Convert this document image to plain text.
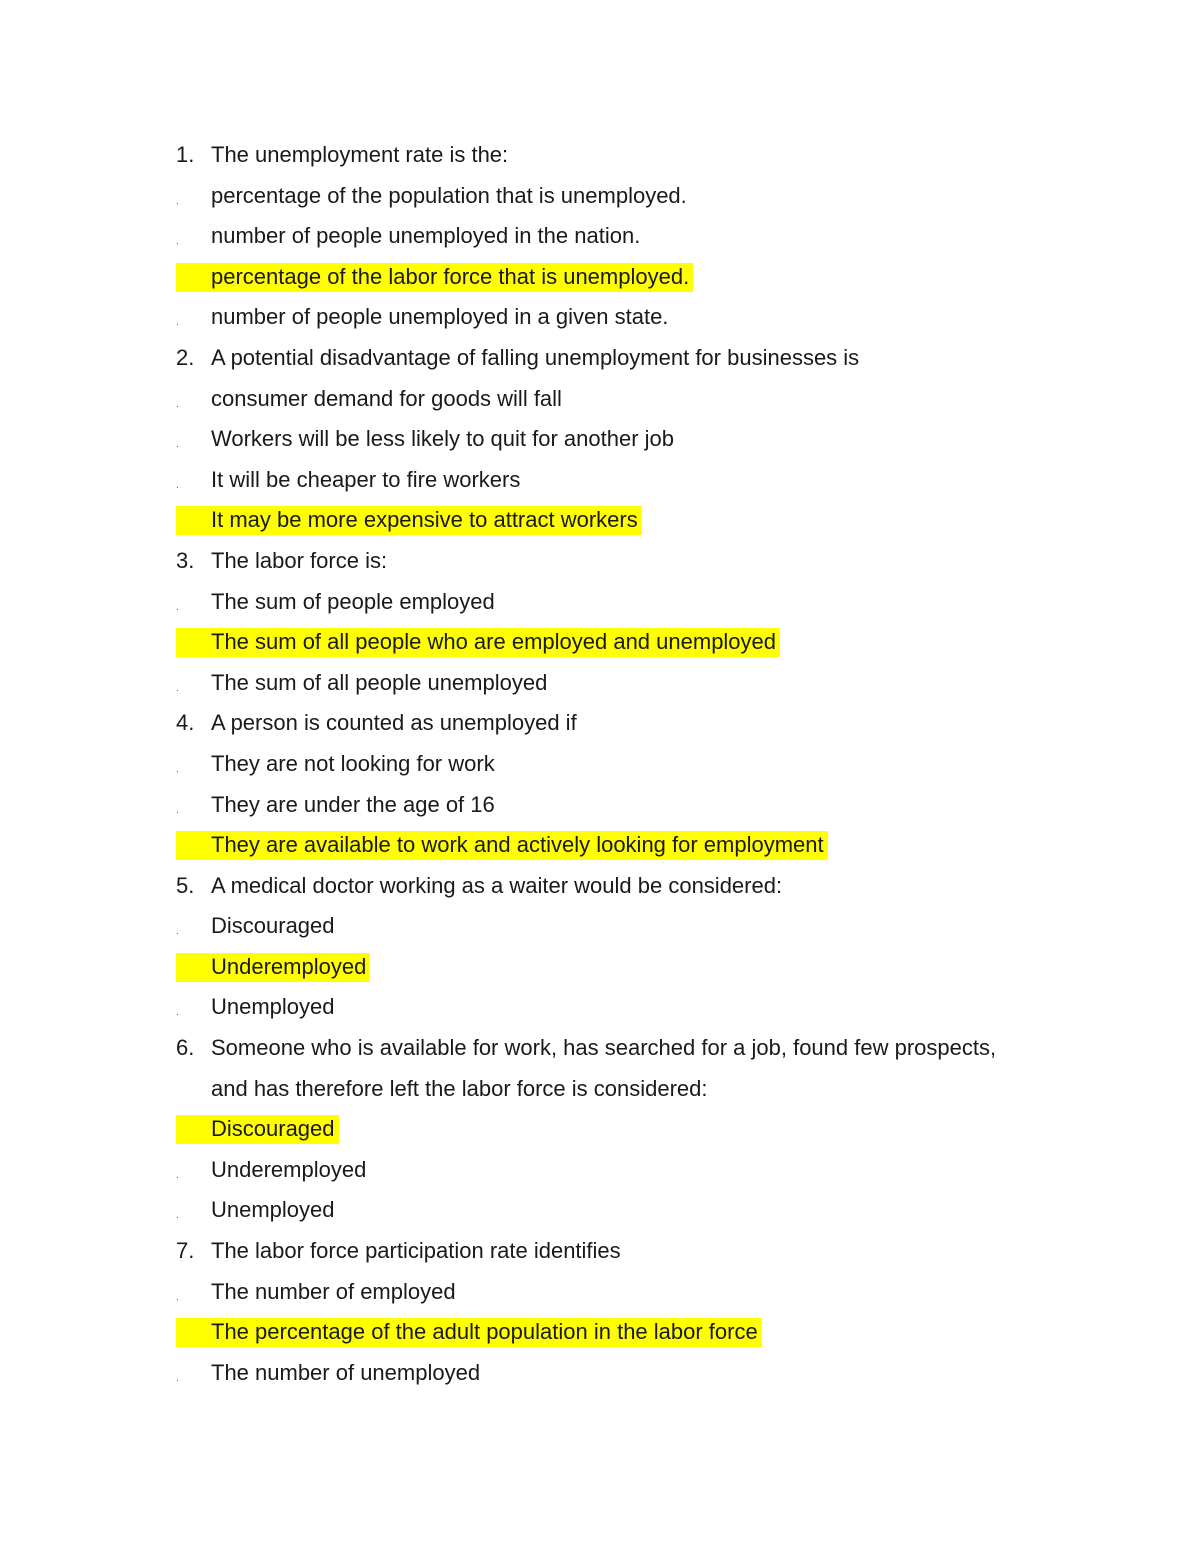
1. The unemployment rate is the:
. percentage of the population that is unemployed.
. number of people unemployed in the nation.
percentage of the labor force that is unemployed.
. number of people unemployed in a given state.
2. A potential disadvantage of falling unemployment for businesses is
. consumer demand for goods will fall
. Workers will be less likely to quit for another job
. It will be cheaper to fire workers
It may be more expensive to attract workers
3. The labor force is:
. The sum of people employed
The sum of all people who are employed and unemployed
. The sum of all people unemployed
4. A person is counted as unemployed if
. They are not looking for work
. They are under the age of 16
They are available to work and actively looking for employment
5. A medical doctor working as a waiter would be considered:
. Discouraged
Underemployed
. Unemployed
6. Someone who is available for work, has searched for a job, found few prospects,
and has therefore left the labor force is considered:
Discouraged
. Underemployed
. Unemployed
7. The labor force participation rate identifies
. The number of employed
The percentage of the adult population in the labor force
. The number of unemployed
